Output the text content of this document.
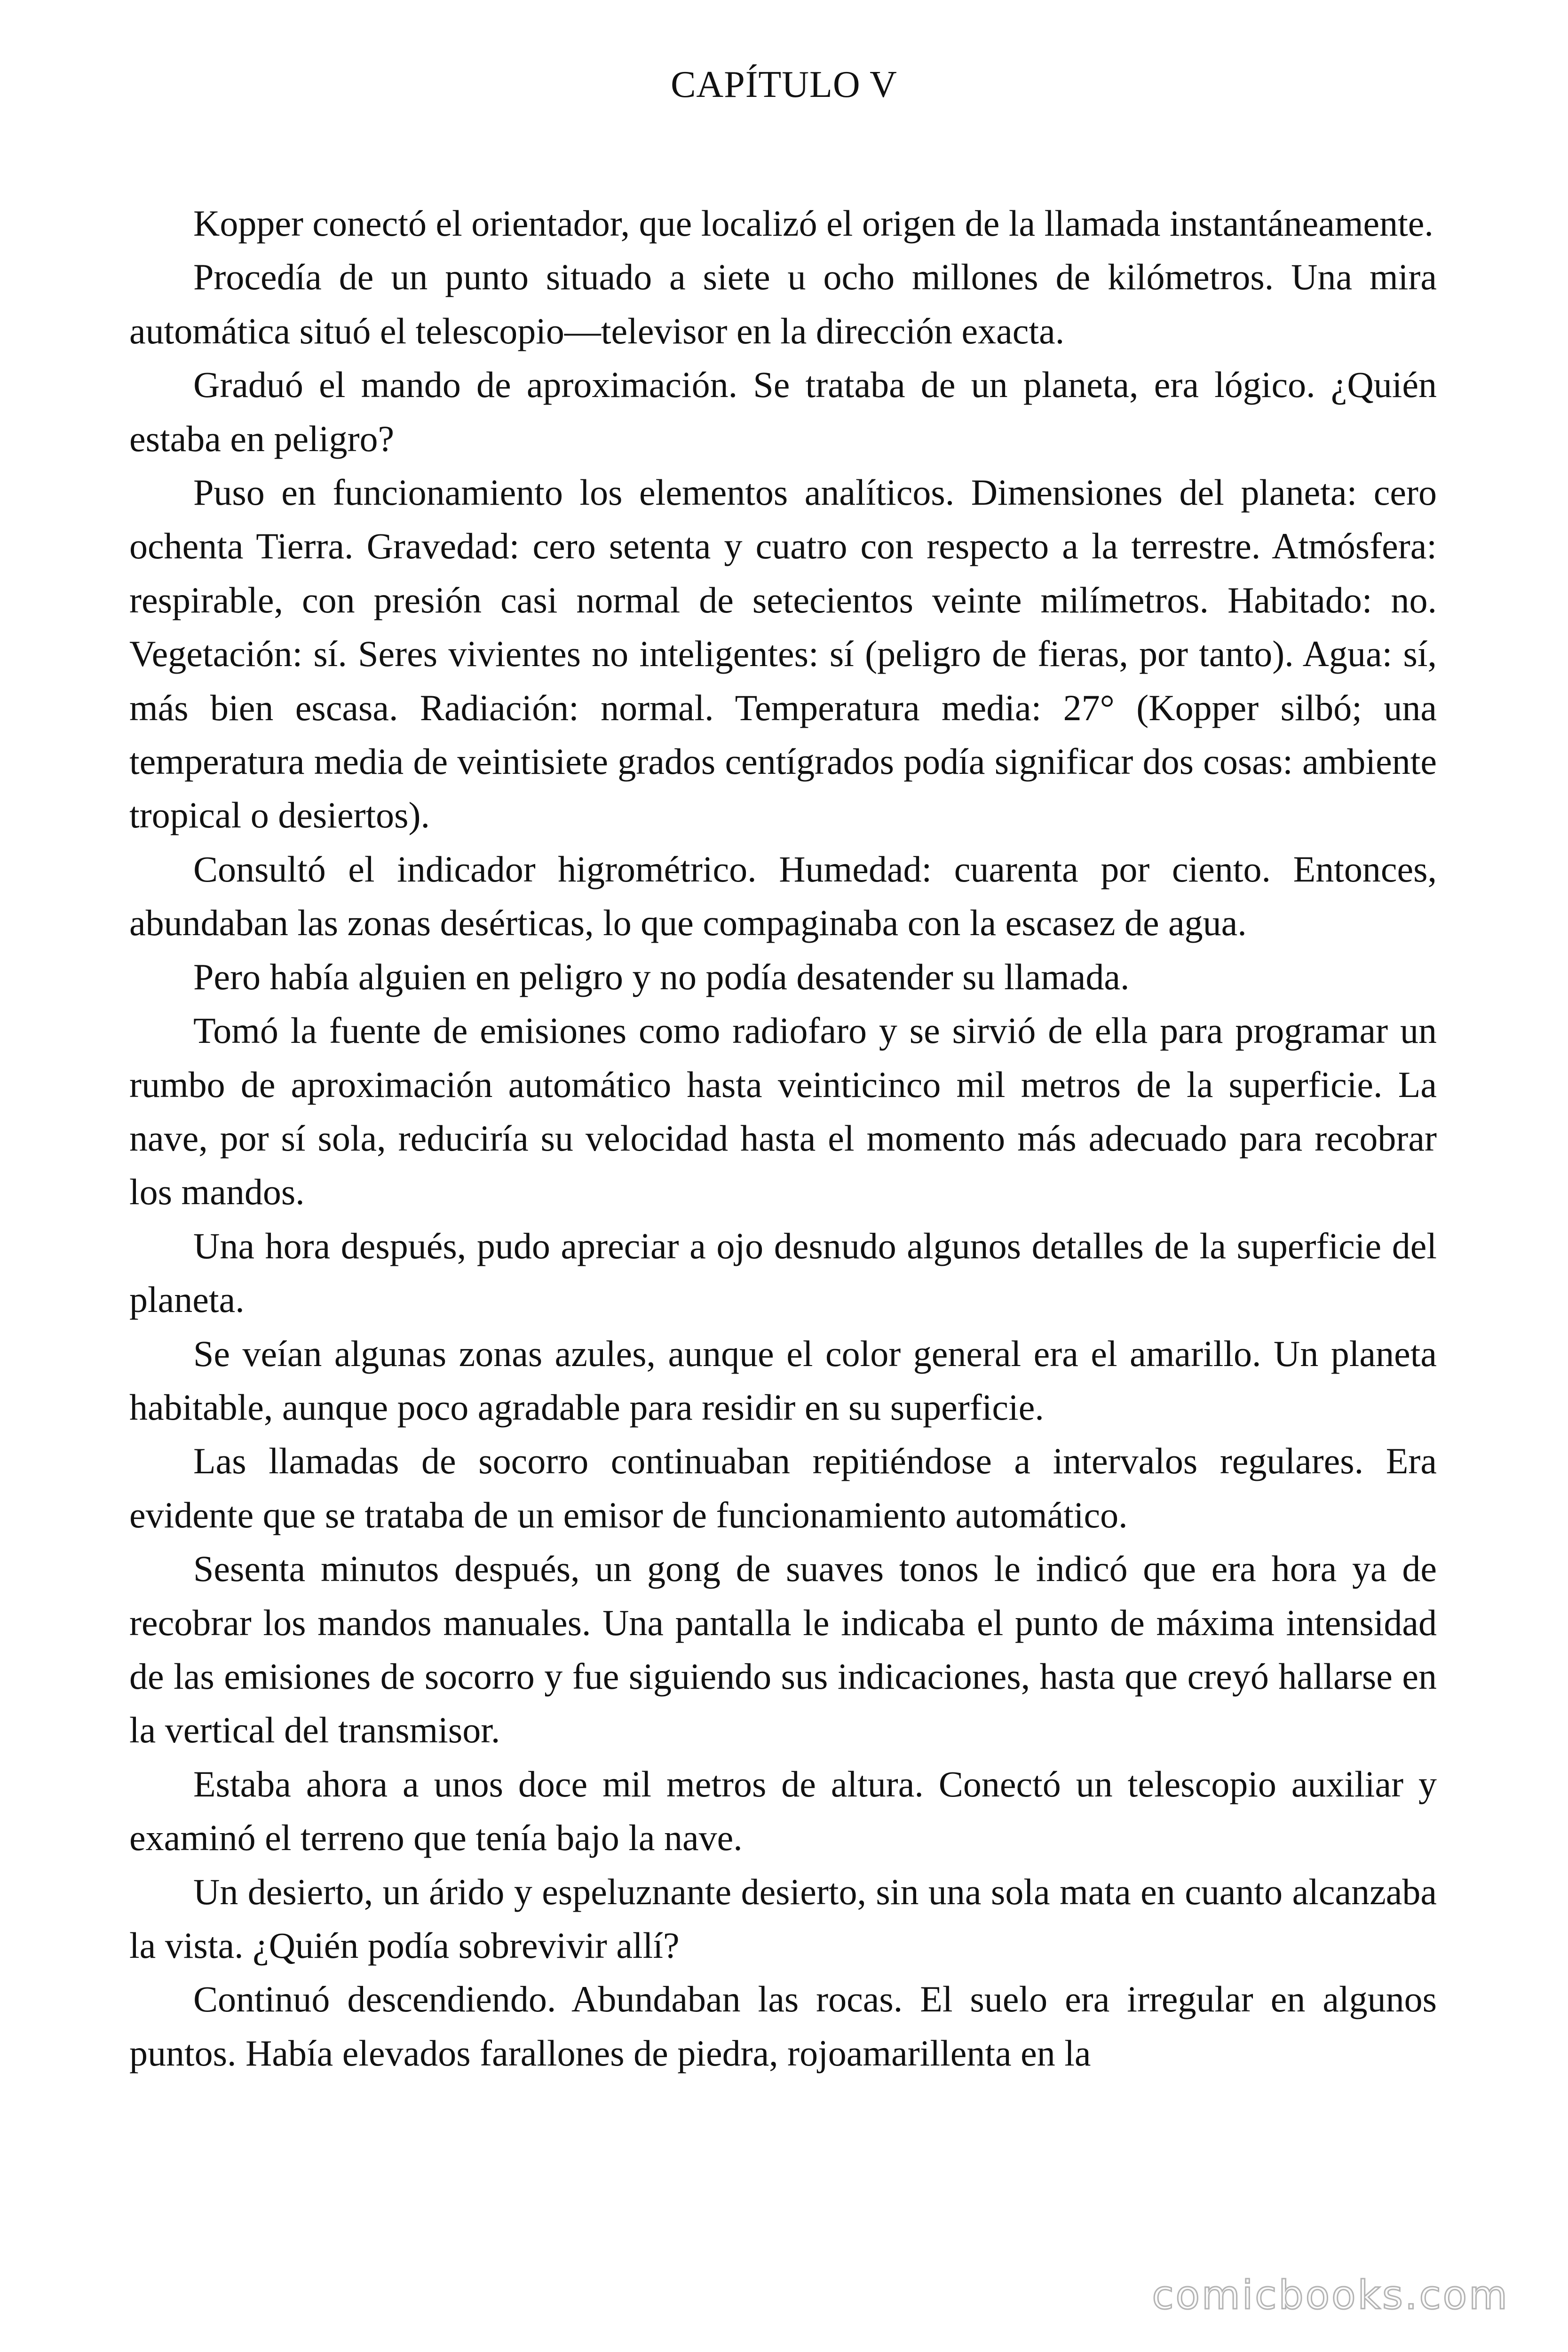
CAPÍTULO V

Kopper conectó el orientador, que localizó el origen de la llamada instantáneamente.

Procedía de un punto situado a siete u ocho millones de kilómetros. Una mira automática situó el telescopio—televisor en la dirección exacta.

Graduó el mando de aproximación. Se trataba de un planeta, era lógico. ¿Quién estaba en peligro?

Puso en funcionamiento los elementos analíticos. Dimensiones del planeta: cero ochenta Tierra. Gravedad: cero setenta y cuatro con respecto a la terrestre. Atmósfera: respirable, con presión casi normal de setecientos veinte milímetros. Habitado: no. Vegetación: sí. Seres vivientes no inteligentes: sí (peligro de fieras, por tanto). Agua: sí, más bien escasa. Radiación: normal. Temperatura media: 27° (Kopper silbó; una temperatura media de veintisiete grados centígrados podía significar dos cosas: ambiente tropical o desiertos).

Consultó el indicador higrométrico. Humedad: cuarenta por ciento. Entonces, abundaban las zonas desérticas, lo que compaginaba con la escasez de agua.

Pero había alguien en peligro y no podía desatender su llamada.

Tomó la fuente de emisiones como radiofaro y se sirvió de ella para programar un rumbo de aproximación automático hasta veinticinco mil metros de la superficie. La nave, por sí sola, reduciría su velocidad hasta el momento más adecuado para recobrar los mandos.

Una hora después, pudo apreciar a ojo desnudo algunos detalles de la superficie del planeta.

Se veían algunas zonas azules, aunque el color general era el amarillo. Un planeta habitable, aunque poco agradable para residir en su superficie.

Las llamadas de socorro continuaban repitiéndose a intervalos regulares. Era evidente que se trataba de un emisor de funcionamiento automático.

Sesenta minutos después, un gong de suaves tonos le indicó que era hora ya de recobrar los mandos manuales. Una pantalla le indicaba el punto de máxima intensidad de las emisiones de socorro y fue siguiendo sus indicaciones, hasta que creyó hallarse en la vertical del transmisor.

Estaba ahora a unos doce mil metros de altura. Conectó un telescopio auxiliar y examinó el terreno que tenía bajo la nave.

Un desierto, un árido y espeluznante desierto, sin una sola mata en cuanto alcanzaba la vista. ¿Quién podía sobrevivir allí?

Continuó descendiendo. Abundaban las rocas. El suelo era irregular en algunos puntos. Había elevados farallones de piedra, rojoamarillenta en la

comicbooks.com
